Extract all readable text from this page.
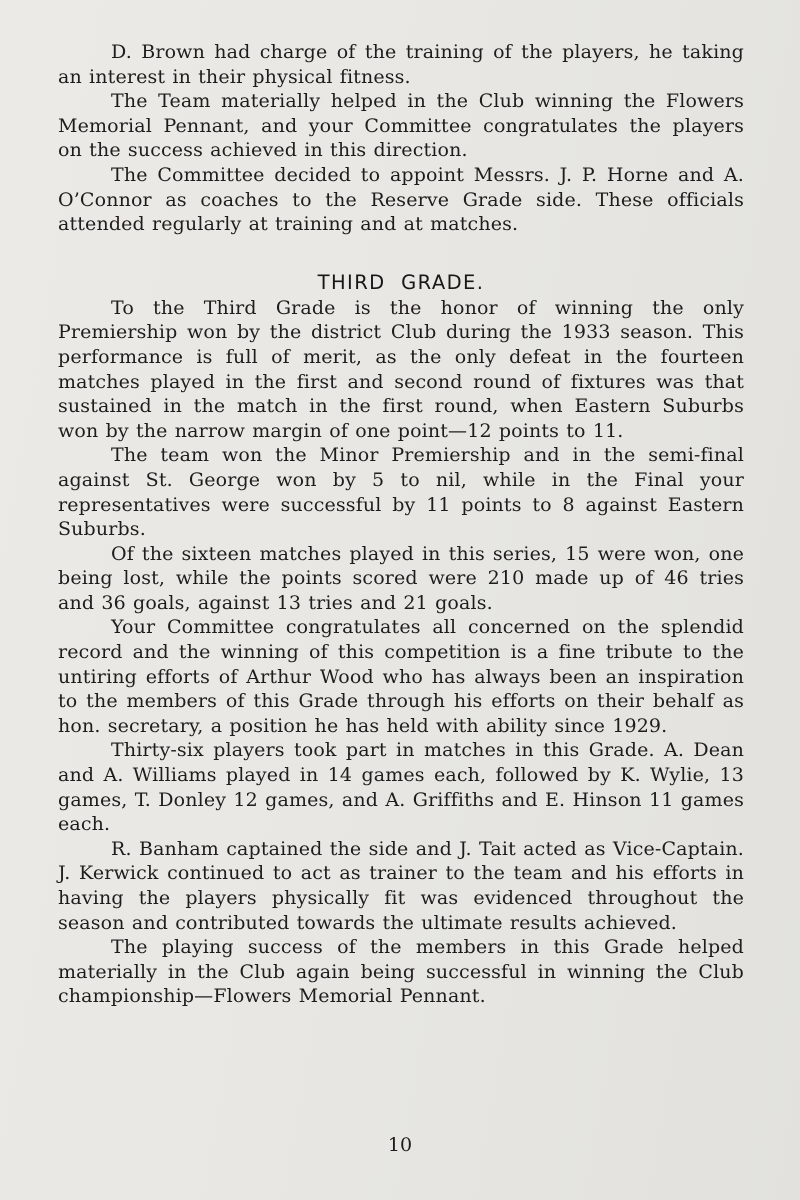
D. Brown had charge of the training of the players, he taking an interest in their physical fitness.

The Team materially helped in the Club winning the Flowers Memorial Pennant, and your Committee congratulates the players on the success achieved in this direction.

The Committee decided to appoint Messrs. J. P. Horne and A. O’Connor as coaches to the Reserve Grade side. These officials attended regularly at training and at matches.

THIRD GRADE.

To the Third Grade is the honor of winning the only Premiership won by the district Club during the 1933 season. This performance is full of merit, as the only defeat in the fourteen matches played in the first and second round of fixtures was that sustained in the match in the first round, when Eastern Suburbs won by the narrow margin of one point—12 points to 11.

The team won the Minor Premiership and in the semi-final against St. George won by 5 to nil, while in the Final your representatives were successful by 11 points to 8 against Eastern Suburbs.

Of the sixteen matches played in this series, 15 were won, one being lost, while the points scored were 210 made up of 46 tries and 36 goals, against 13 tries and 21 goals.

Your Committee congratulates all concerned on the splendid record and the winning of this competition is a fine tribute to the untiring efforts of Arthur Wood who has always been an inspiration to the members of this Grade through his efforts on their behalf as hon. secretary, a position he has held with ability since 1929.

Thirty-six players took part in matches in this Grade. A. Dean and A. Williams played in 14 games each, followed by K. Wylie, 13 games, T. Donley 12 games, and A. Griffiths and E. Hinson 11 games each.

R. Banham captained the side and J. Tait acted as Vice-Captain. J. Kerwick continued to act as trainer to the team and his efforts in having the players physically fit was evidenced throughout the season and contributed towards the ultimate results achieved.

The playing success of the members in this Grade helped materially in the Club again being successful in winning the Club championship—Flowers Memorial Pennant.

10
